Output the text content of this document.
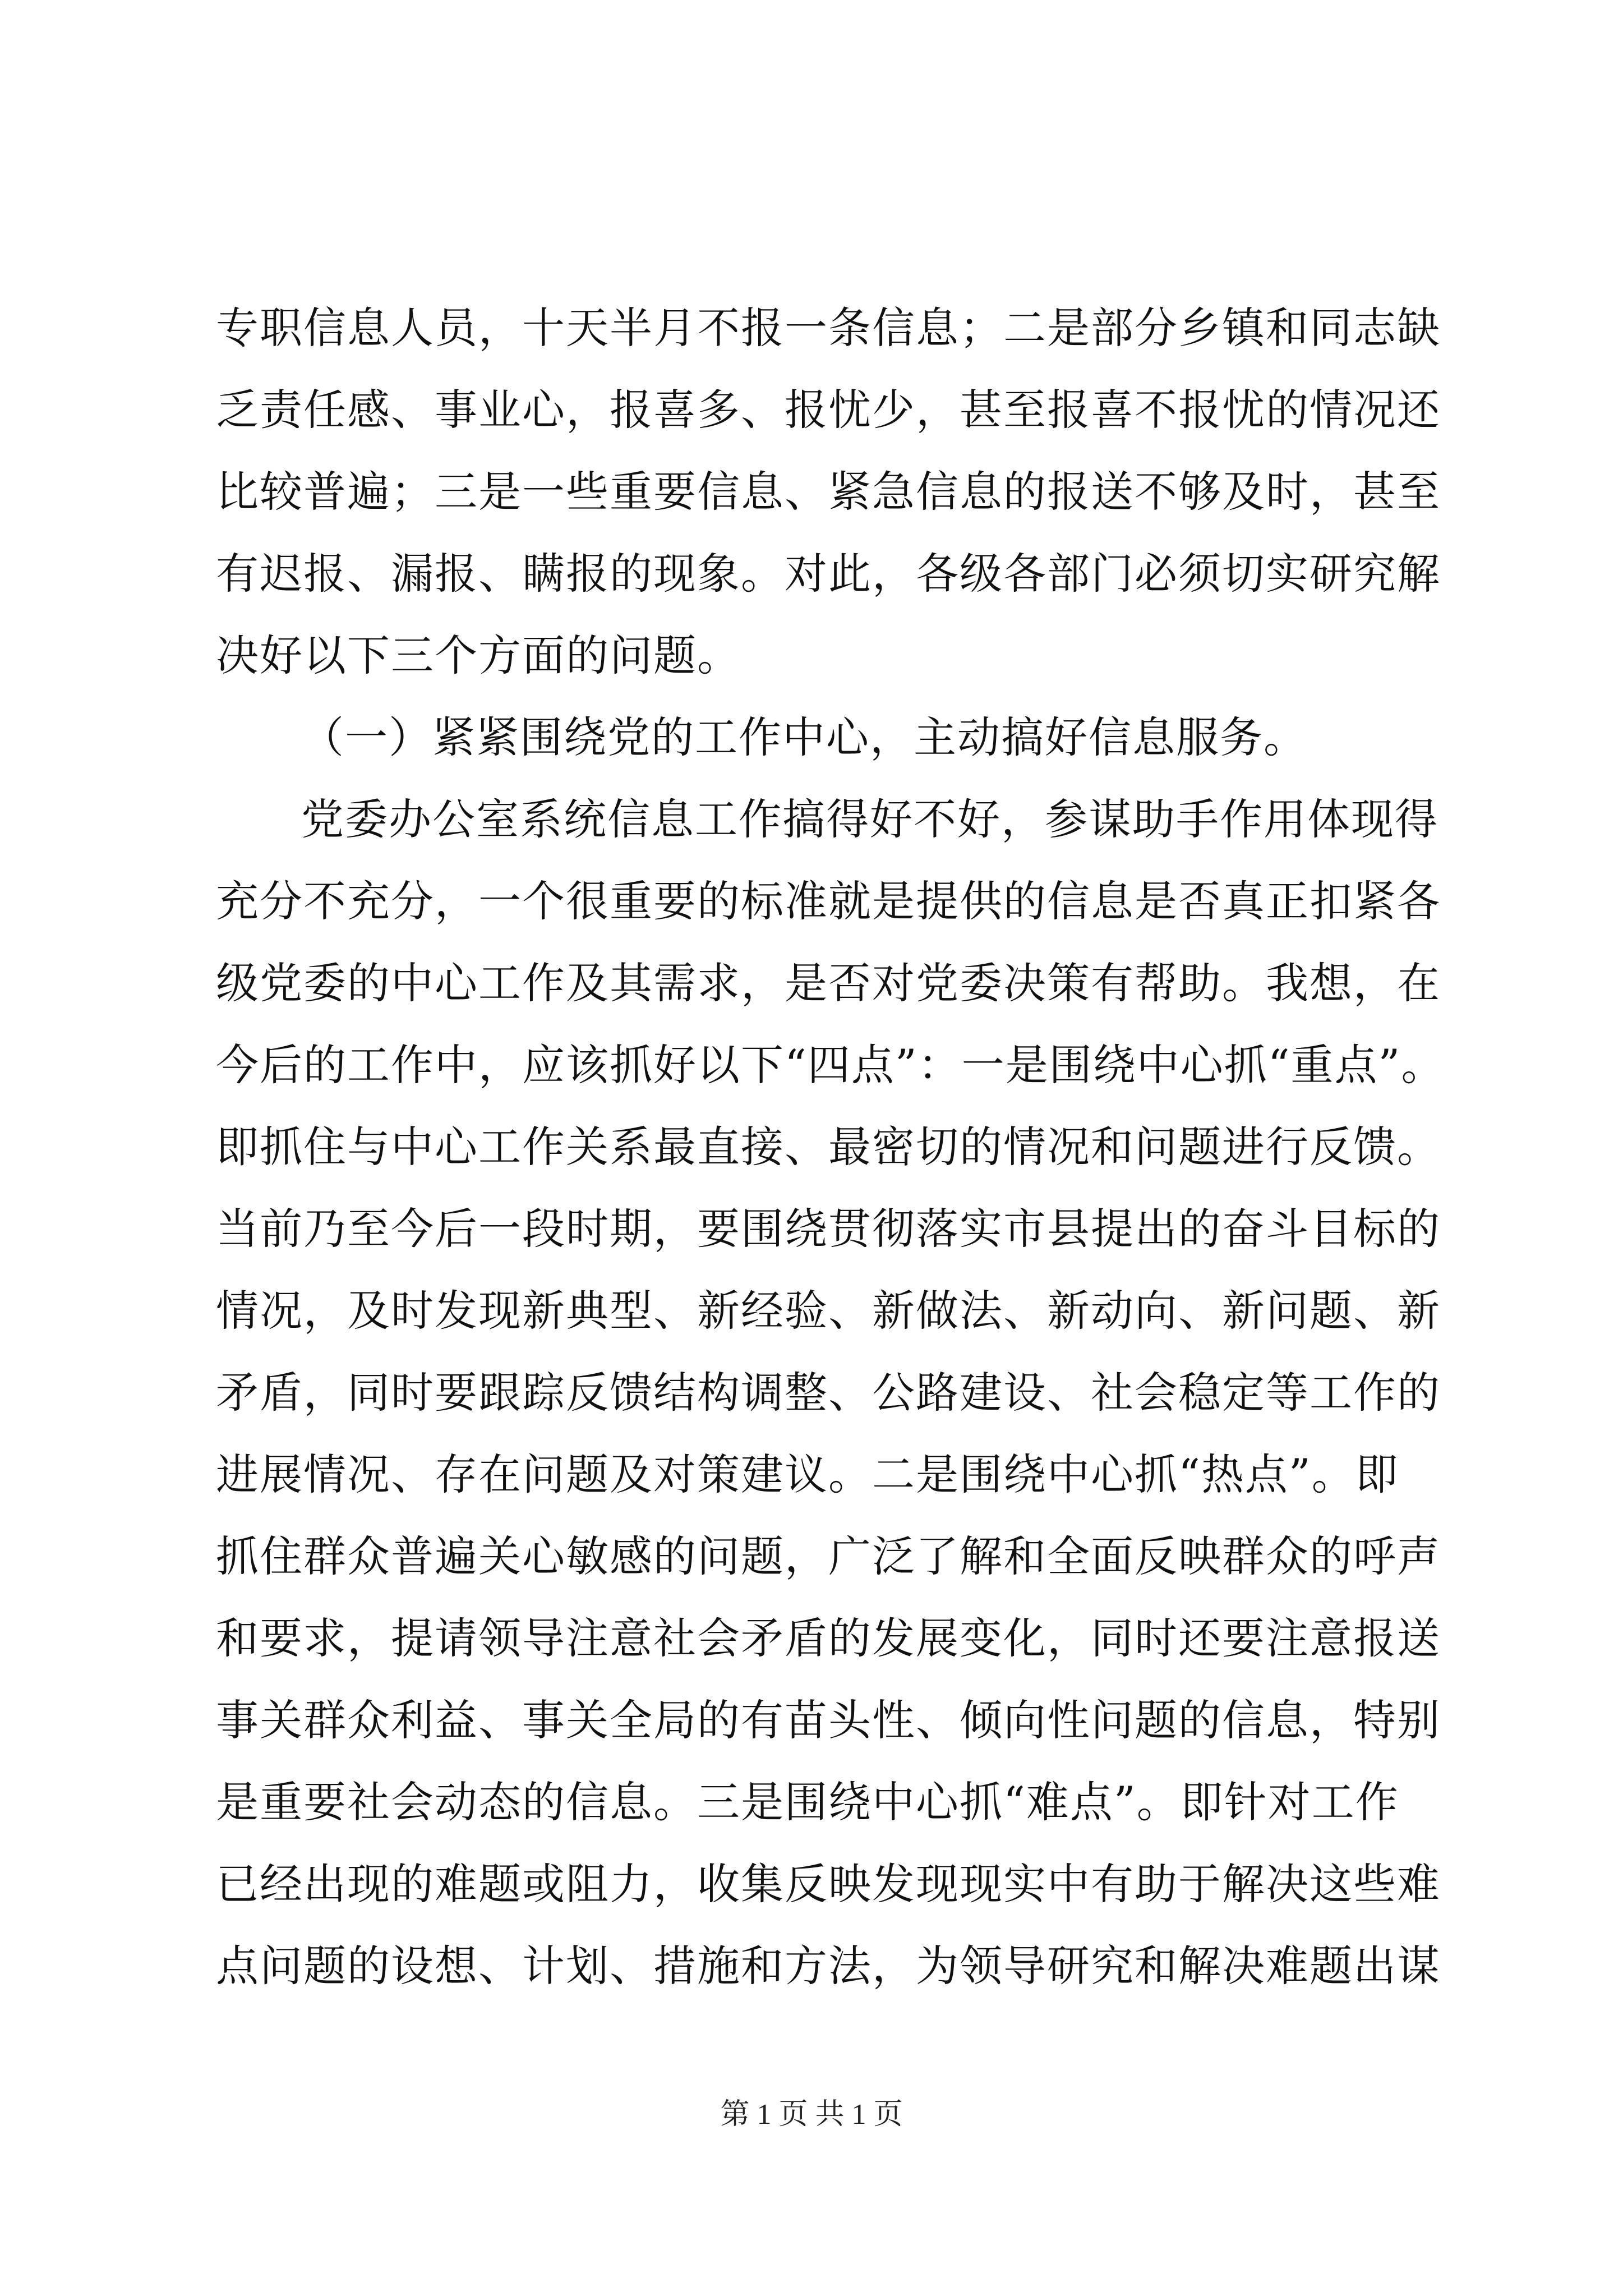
专职信息人员，十天半月不报一条信息；二是部分乡镇和同志缺
乏责任感、事业心，报喜多、报忧少，甚至报喜不报忧的情况还
比较普遍；三是一些重要信息、紧急信息的报送不够及时，甚至
有迟报、漏报、瞒报的现象。对此，各级各部门必须切实研究解
决好以下三个方面的问题。
（一）紧紧围绕党的工作中心，主动搞好信息服务。
党委办公室系统信息工作搞得好不好，参谋助手作用体现得
充分不充分，一个很重要的标准就是提供的信息是否真正扣紧各
级党委的中心工作及其需求，是否对党委决策有帮助。我想，在
今后的工作中，应该抓好以下“四点”：一是围绕中心抓“重点”。
即抓住与中心工作关系最直接、最密切的情况和问题进行反馈。
当前乃至今后一段时期，要围绕贯彻落实市县提出的奋斗目标的
情况，及时发现新典型、新经验、新做法、新动向、新问题、新
矛盾，同时要跟踪反馈结构调整、公路建设、社会稳定等工作的
进展情况、存在问题及对策建议。二是围绕中心抓“热点”。即
抓住群众普遍关心敏感的问题，广泛了解和全面反映群众的呼声
和要求，提请领导注意社会矛盾的发展变化，同时还要注意报送
事关群众利益、事关全局的有苗头性、倾向性问题的信息，特别
是重要社会动态的信息。三是围绕中心抓“难点”。即针对工作
已经出现的难题或阻力，收集反映发现现实中有助于解决这些难
点问题的设想、计划、措施和方法，为领导研究和解决难题出谋
第 1 页 共 1 页
